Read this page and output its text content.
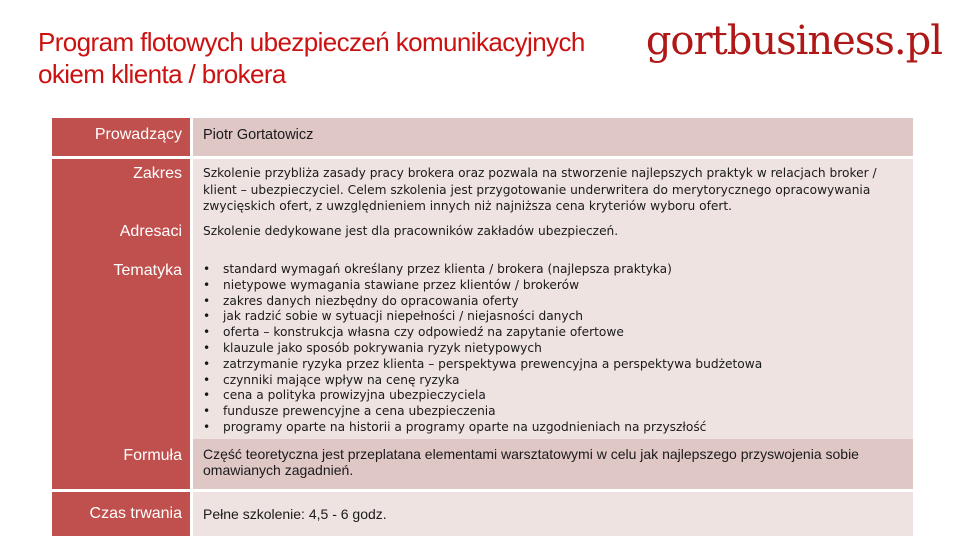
Program flotowych ubezpieczeń komunikacyjnych
okiem klienta / brokera
gortbusiness.pl
Prowadzący	Piotr Gortatowicz
Zakres	Szkolenie przybliża zasady pracy brokera oraz pozwala na stworzenie najlepszych praktyk w relacjach broker / klient – ubezpieczyciel. Celem szkolenia jest przygotowanie underwritera do merytorycznego opracowywania zwycięskich ofert, z uwzględnieniem innych niż najniższa cena kryteriów wyboru ofert.
Adresaci	Szkolenie dedykowane jest dla pracowników zakładów ubezpieczeń.
Tematyka
•	standard wymagań określany przez klienta / brokera (najlepsza praktyka)
• nietypowe wymagania stawiane przez klientów / brokerów
• zakres danych niezbędny do opracowania oferty
• jak radzić sobie w sytuacji niepełności / niejasności danych
• oferta – konstrukcja własna czy odpowiedź na zapytanie ofertowe
• klauzule jako sposób pokrywania ryzyk nietypowych
• zatrzymanie ryzyka przez klienta – perspektywa prewencyjna a perspektywa budżetowa
• czynniki mające wpływ na cenę ryzyka
• cena a polityka prowizyjna ubezpieczyciela
• fundusze prewencyjne a cena ubezpieczenia
• programy oparte na historii a programy oparte na uzgodnieniach na przyszłość
Formuła	Część teoretyczna jest przeplatana elementami warsztatowymi w celu jak najlepszego przyswojenia sobie omawianych zagadnień.
Czas trwania	Pełne szkolenie: 4,5 - 6 godz.
